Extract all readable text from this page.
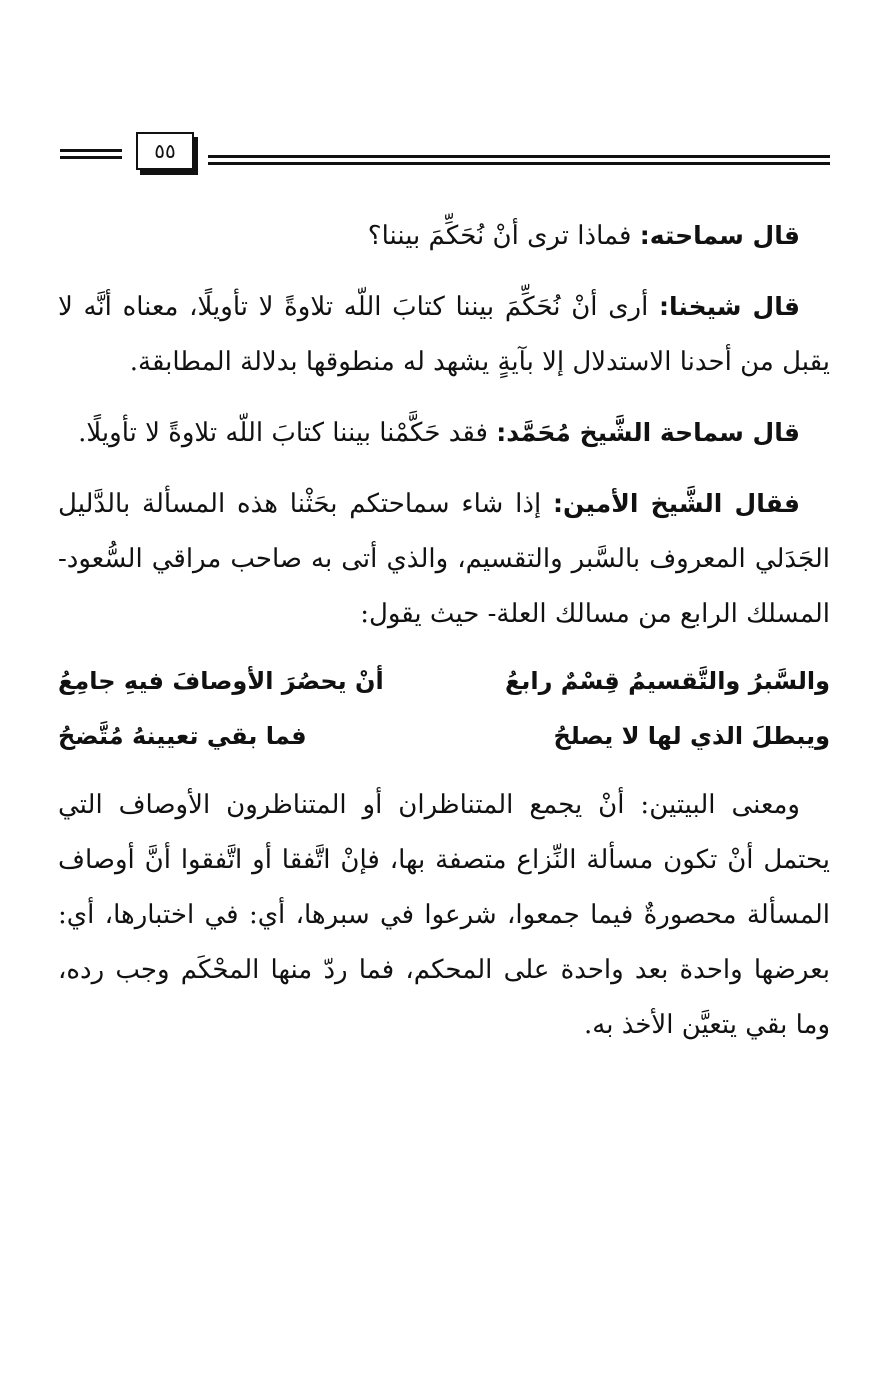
٥٥

قال سماحته: فماذا ترى أنْ نُحَكِّمَ بيننا؟

قال شيخنا: أرى أنْ نُحَكِّمَ بيننا كتابَ اللّه تلاوةً لا تأويلًا، معناه أنَّه لا يقبل من أحدنا الاستدلال إلا بآيةٍ يشهد له منطوقها بدلالة المطابقة.

قال سماحة الشَّيخ مُحَمَّد: فقد حَكَّمْنا بيننا كتابَ اللّه تلاوةً لا تأويلًا.

فقال الشَّيخ الأمين: إذا شاء سماحتكم بحَثْنا هذه المسألة بالدَّليل الجَدَلي المعروف بالسَّبر والتقسيم، والذي أتى به صاحب مراقي السُّعود- المسلك الرابع من مسالك العلة- حيث يقول:

والسَّبرُ والتَّقسيمُ قِسْمٌ رابعُ
أنْ يحصُرَ الأوصافَ فيهِ جامِعُ
ويبطلَ الذي لها لا يصلحُ
فما بقي تعيينهُ مُتَّضحُ

ومعنى البيتين: أنْ يجمع المتناظران أو المتناظرون الأوصاف التي يحتمل أنْ تكون مسألة النِّزاع متصفة بها، فإنْ اتَّفقا أو اتَّفقوا أنَّ أوصاف المسألة محصورةٌ فيما جمعوا، شرعوا في سبرها، أي: في اختبارها، أي: بعرضها واحدة بعد واحدة على المحكم، فما ردّ منها المحْكَم وجب رده، وما بقي يتعيَّن الأخذ به.
